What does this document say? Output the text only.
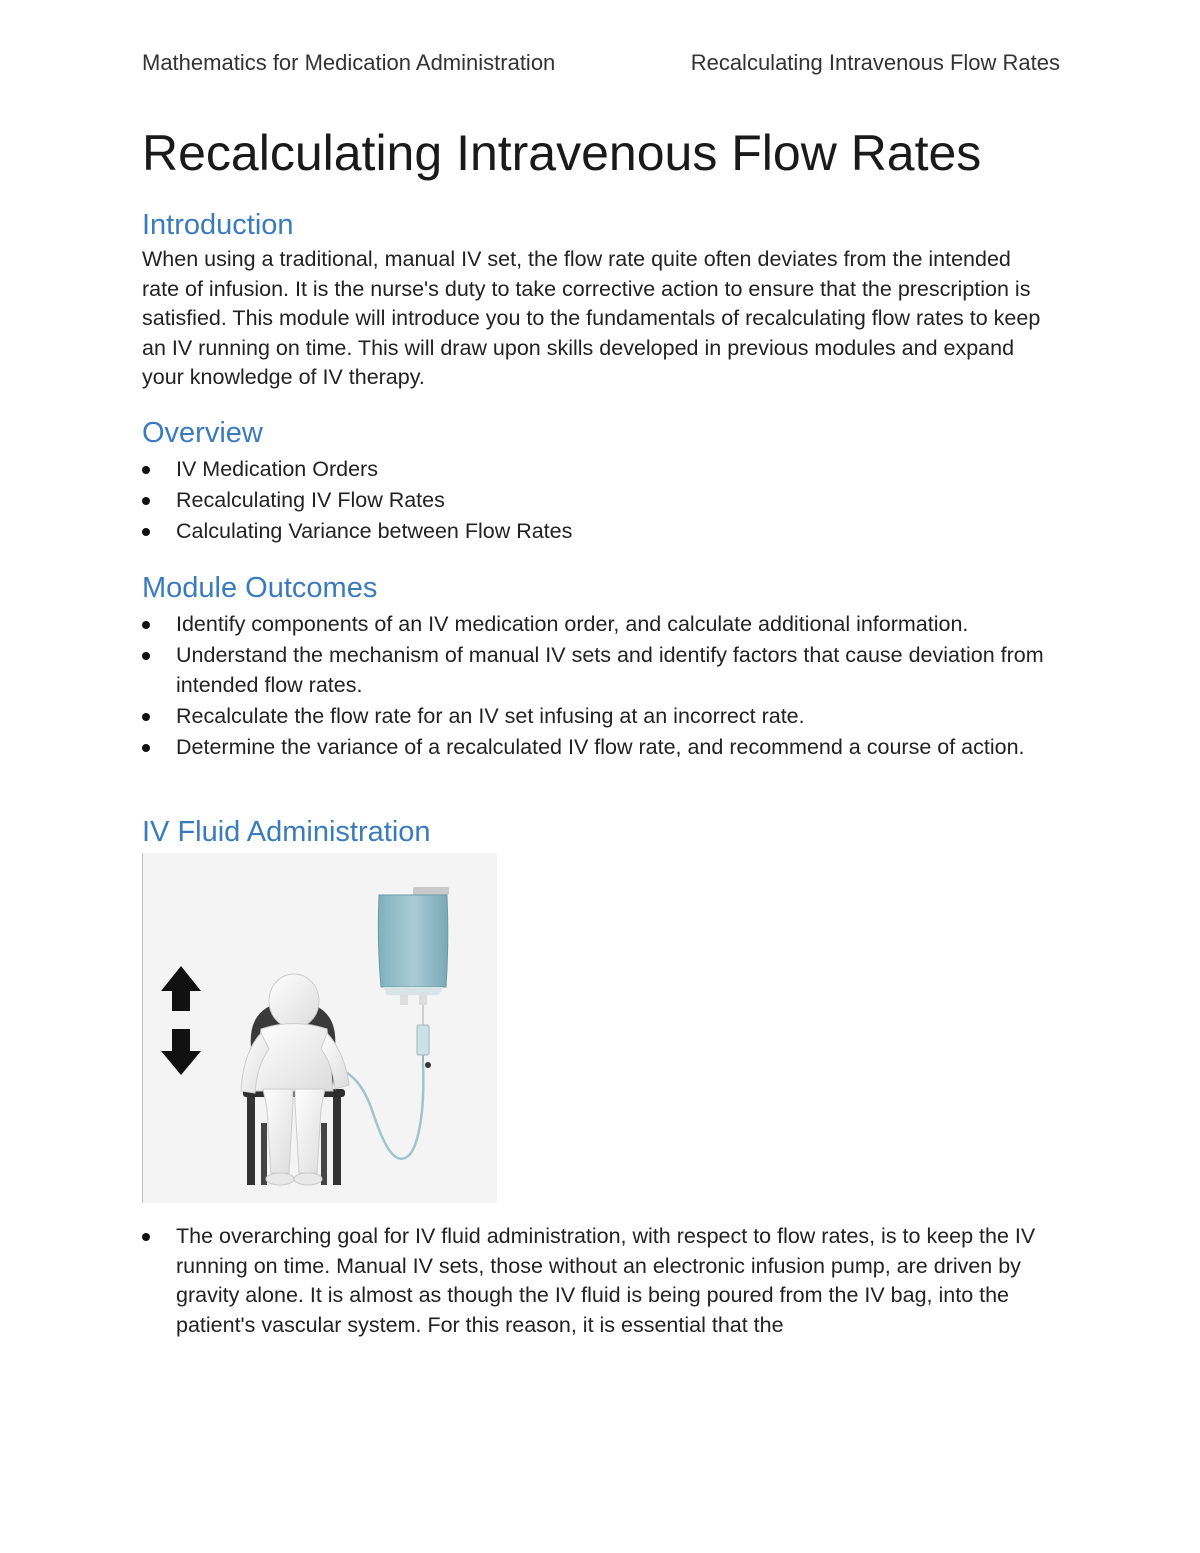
Mathematics for Medication Administration	Recalculating Intravenous Flow Rates
Recalculating Intravenous Flow Rates
Introduction

When using a traditional, manual IV set, the flow rate quite often deviates from the intended rate of infusion. It is the nurse's duty to take corrective action to ensure that the prescription is satisfied. This module will introduce you to the fundamentals of recalculating flow rates to keep an IV running on time. This will draw upon skills developed in previous modules and expand your knowledge of IV therapy.

Overview
IV Medication Orders
Recalculating IV Flow Rates
Calculating Variance between Flow Rates
Module Outcomes
Identify components of an IV medication order, and calculate additional information.
Understand the mechanism of manual IV sets and identify factors that cause deviation from intended flow rates.
Recalculate the flow rate for an IV set infusing at an incorrect rate.
Determine the variance of a recalculated IV flow rate, and recommend a course of action.
IV Fluid Administration
The overarching goal for IV fluid administration, with respect to flow rates, is to keep the IV running on time. Manual IV sets, those without an electronic infusion pump, are driven by gravity alone. It is almost as though the IV fluid is being poured from the IV bag, into the patient's vascular system. For this reason, it is essential that the
